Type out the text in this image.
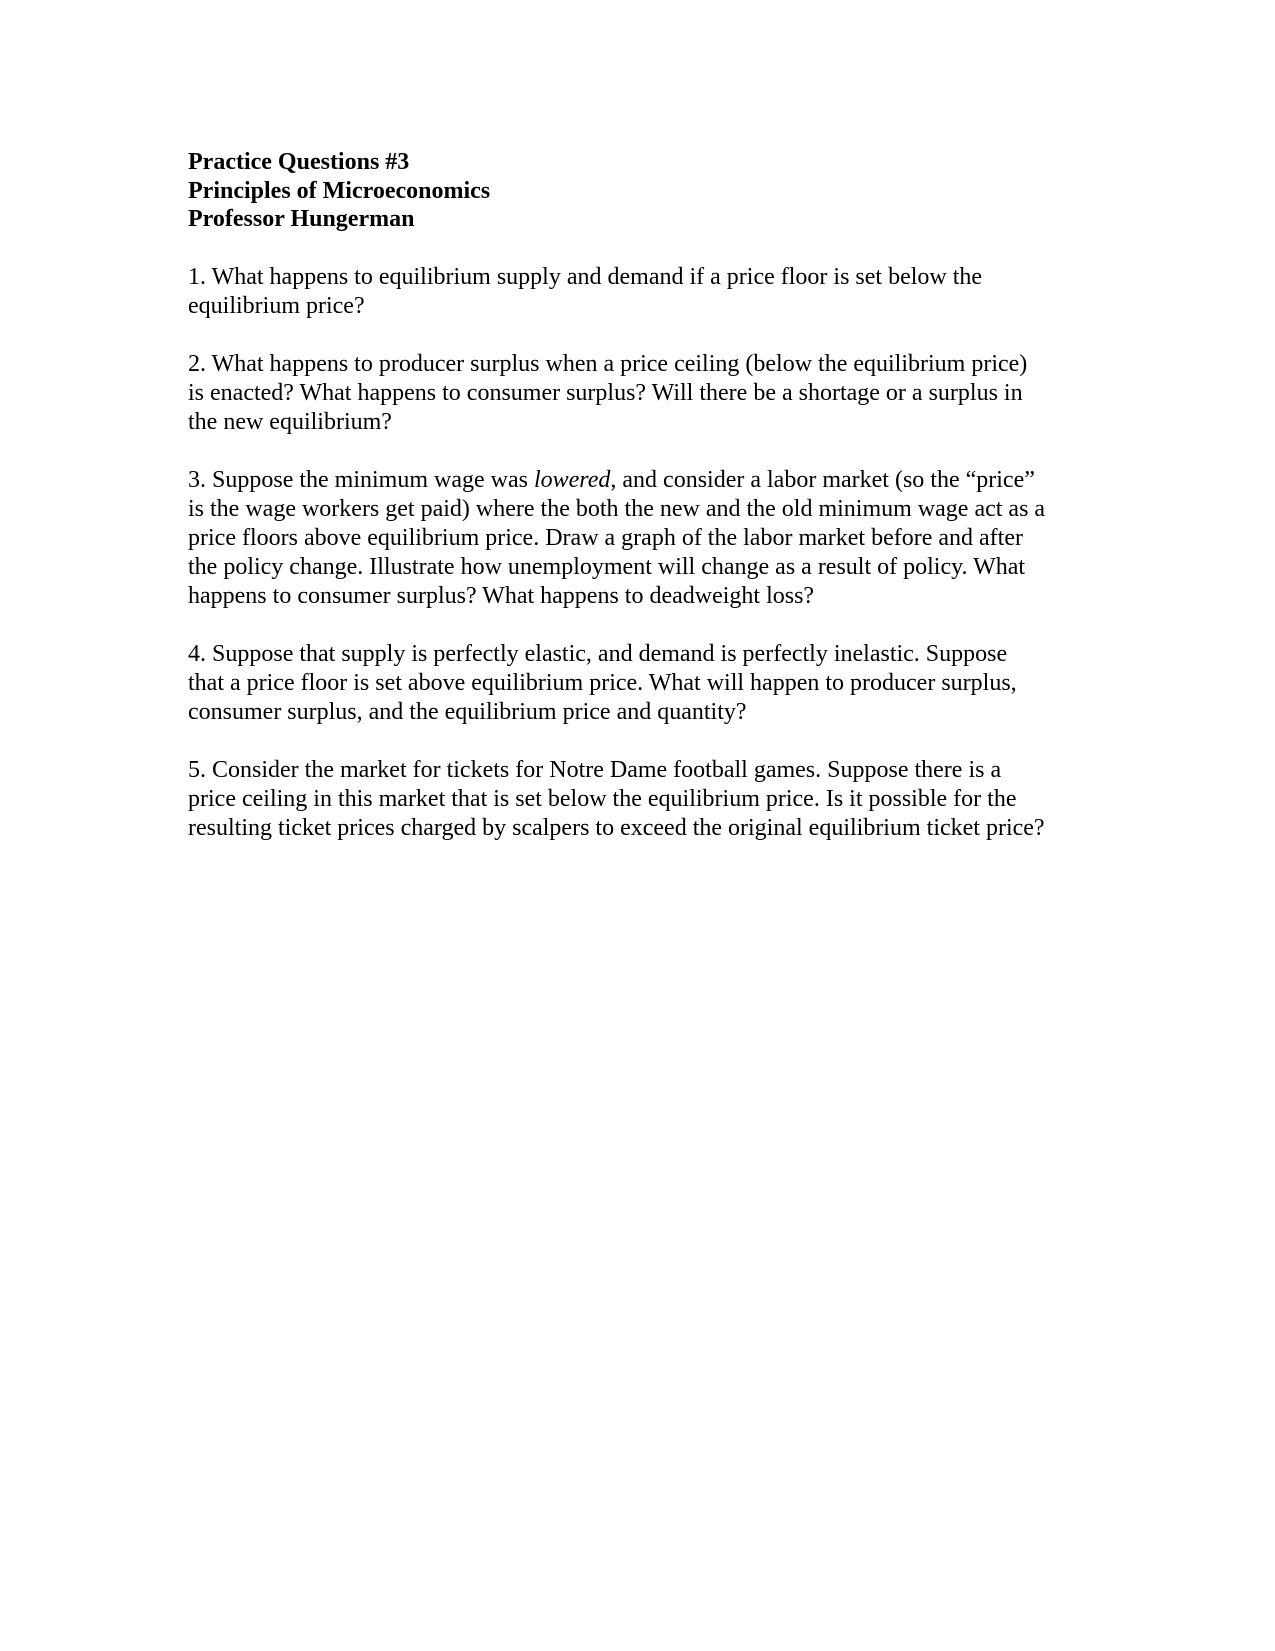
Practice Questions #3

Principles of Microeconomics

Professor Hungerman

1. What happens to equilibrium supply and demand if a price floor is set below the

equilibrium price?

2. What happens to producer surplus when a price ceiling (below the equilibrium price)

is enacted? What happens to consumer surplus? Will there be a shortage or a surplus in

the new equilibrium?

3. Suppose the minimum wage was lowered, and consider a labor market (so the “price”

is the wage workers get paid) where the both the new and the old minimum wage act as a

price floors above equilibrium price. Draw a graph of the labor market before and after

the policy change. Illustrate how unemployment will change as a result of policy. What

happens to consumer surplus? What happens to deadweight loss?

4. Suppose that supply is perfectly elastic, and demand is perfectly inelastic. Suppose

that a price floor is set above equilibrium price. What will happen to producer surplus,

consumer surplus, and the equilibrium price and quantity?

5. Consider the market for tickets for Notre Dame football games. Suppose there is a

price ceiling in this market that is set below the equilibrium price. Is it possible for the

resulting ticket prices charged by scalpers to exceed the original equilibrium ticket price?
